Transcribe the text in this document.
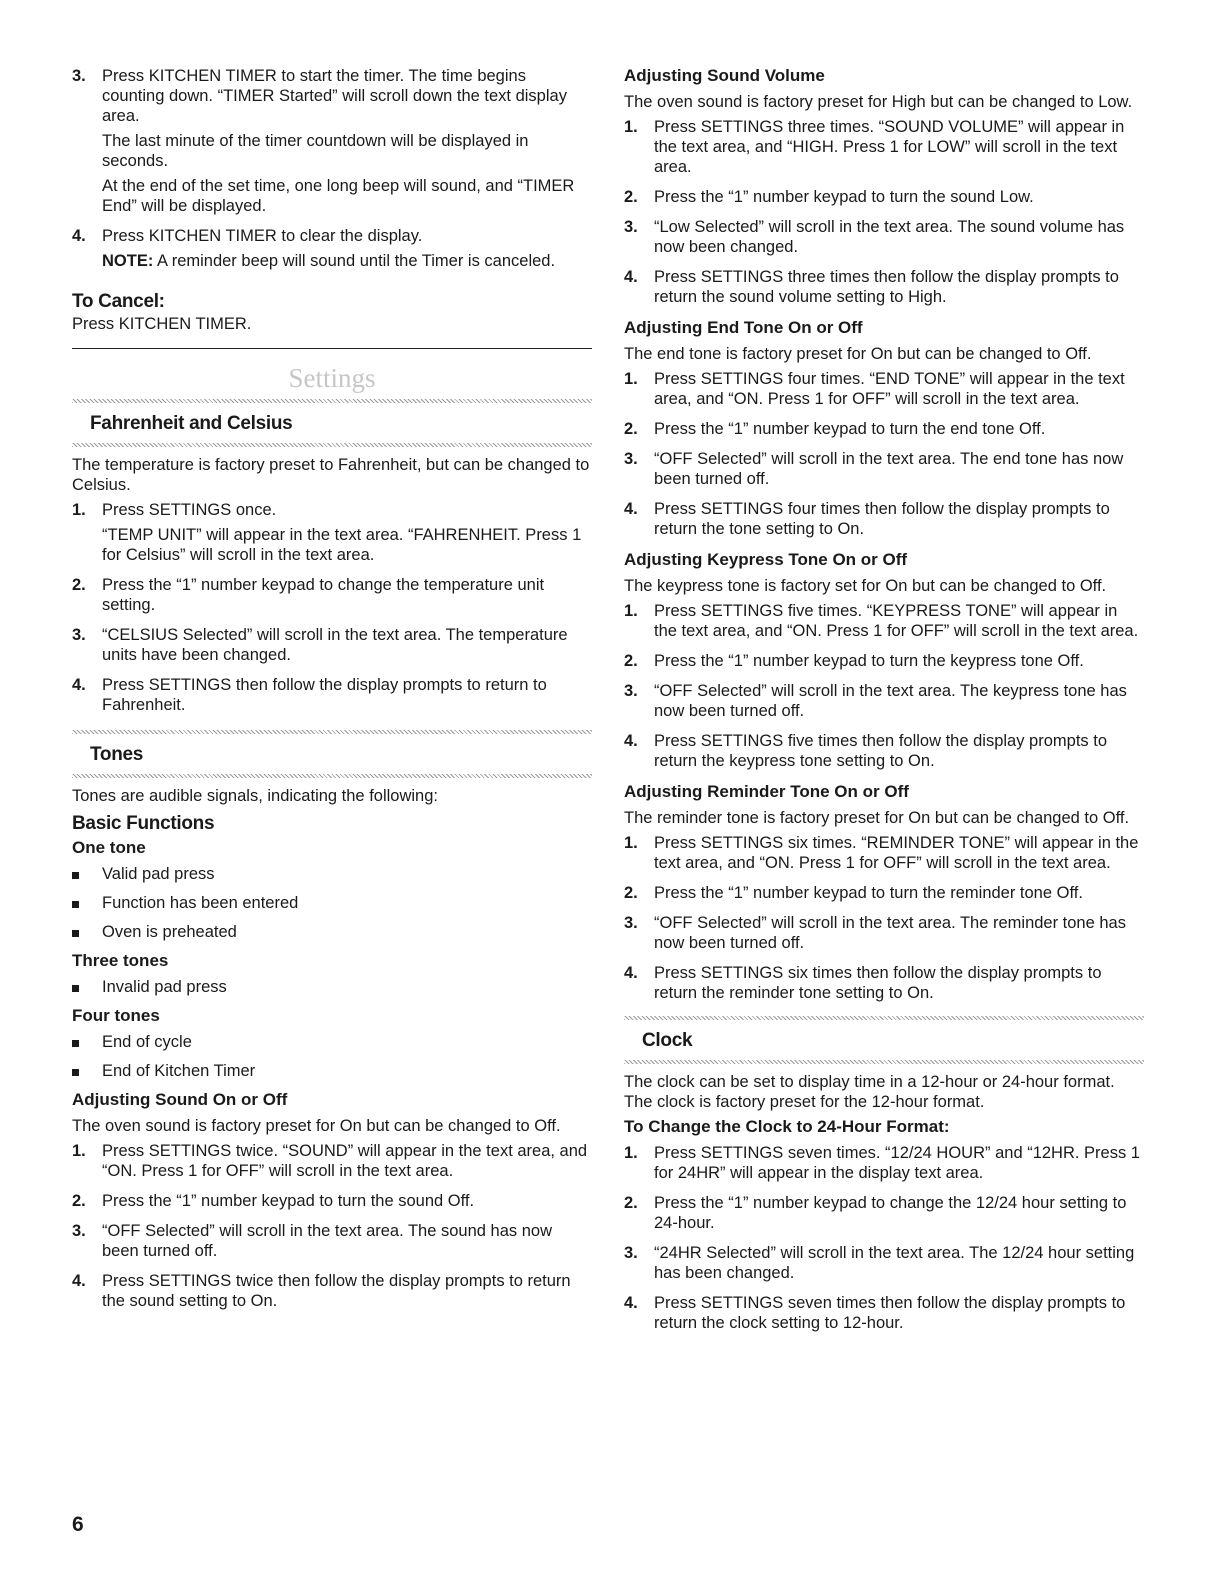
3. Press KITCHEN TIMER to start the timer. The time begins counting down. “TIMER Started” will scroll down the text display area.

The last minute of the timer countdown will be displayed in seconds.

At the end of the set time, one long beep will sound, and “TIMER End” will be displayed.

4. Press KITCHEN TIMER to clear the display.

NOTE: A reminder beep will sound until the Timer is canceled.

To Cancel:

Press KITCHEN TIMER.

Settings
Fahrenheit and Celsius

The temperature is factory preset to Fahrenheit, but can be changed to Celsius.

1. Press SETTINGS once.

“TEMP UNIT” will appear in the text area. “FAHRENHEIT. Press 1 for Celsius” will scroll in the text area.

2. Press the “1” number keypad to change the temperature unit setting.

3. “CELSIUS Selected” will scroll in the text area. The temperature units have been changed.

4. Press SETTINGS then follow the display prompts to return to Fahrenheit.

Tones

Tones are audible signals, indicating the following:

Basic Functions
One tone
Valid pad press
Function has been entered
Oven is preheated
Three tones
Invalid pad press
Four tones
End of cycle
End of Kitchen Timer
Adjusting Sound On or Off

The oven sound is factory preset for On but can be changed to Off.

1. Press SETTINGS twice. “SOUND” will appear in the text area, and “ON. Press 1 for OFF” will scroll in the text area.

2. Press the “1” number keypad to turn the sound Off.

3. “OFF Selected” will scroll in the text area. The sound has now been turned off.

4. Press SETTINGS twice then follow the display prompts to return the sound setting to On.

Adjusting Sound Volume

The oven sound is factory preset for High but can be changed to Low.

1. Press SETTINGS three times. “SOUND VOLUME” will appear in the text area, and “HIGH. Press 1 for LOW” will scroll in the text area.

2. Press the “1” number keypad to turn the sound Low.

3. “Low Selected” will scroll in the text area. The sound volume has now been changed.

4. Press SETTINGS three times then follow the display prompts to return the sound volume setting to High.

Adjusting End Tone On or Off

The end tone is factory preset for On but can be changed to Off.

1. Press SETTINGS four times. “END TONE” will appear in the text area, and “ON. Press 1 for OFF” will scroll in the text area.

2. Press the “1” number keypad to turn the end tone Off.

3. “OFF Selected” will scroll in the text area. The end tone has now been turned off.

4. Press SETTINGS four times then follow the display prompts to return the tone setting to On.

Adjusting Keypress Tone On or Off

The keypress tone is factory set for On but can be changed to Off.

1. Press SETTINGS five times. “KEYPRESS TONE” will appear in the text area, and “ON. Press 1 for OFF” will scroll in the text area.

2. Press the “1” number keypad to turn the keypress tone Off.

3. “OFF Selected” will scroll in the text area. The keypress tone has now been turned off.

4. Press SETTINGS five times then follow the display prompts to return the keypress tone setting to On.

Adjusting Reminder Tone On or Off

The reminder tone is factory preset for On but can be changed to Off.

1. Press SETTINGS six times. “REMINDER TONE” will appear in the text area, and “ON. Press 1 for OFF” will scroll in the text area.

2. Press the “1” number keypad to turn the reminder tone Off.

3. “OFF Selected” will scroll in the text area. The reminder tone has now been turned off.

4. Press SETTINGS six times then follow the display prompts to return the reminder tone setting to On.

Clock

The clock can be set to display time in a 12-hour or 24-hour format. The clock is factory preset for the 12-hour format.

To Change the Clock to 24-Hour Format:
1. Press SETTINGS seven times. “12/24 HOUR” and “12HR. Press 1 for 24HR” will appear in the display text area.

2. Press the “1” number keypad to change the 12/24 hour setting to 24-hour.

3. “24HR Selected” will scroll in the text area. The 12/24 hour setting has been changed.

4. Press SETTINGS seven times then follow the display prompts to return the clock setting to 12-hour.

6
